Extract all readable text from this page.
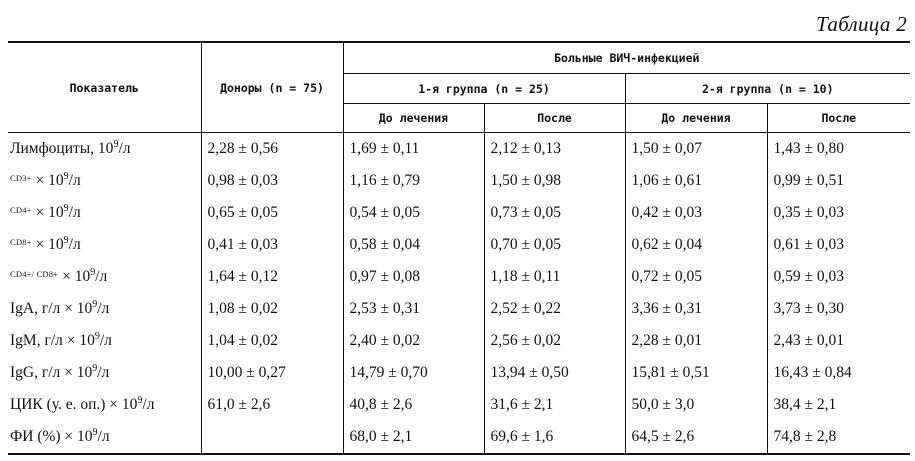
Таблица 2
Показатель	Доноры (n = 75)	Больные ВИЧ-инфекцией			
		1-я группа (n = 25)		2-я группа (n = 10)	
		До лечения	После	До лечения	После
Лимфоциты, $10^9/л$	2,28 ± 0,56	1,69 ± 0,11	2,12 ± 0,13	1,50 ± 0,07	1,43 ± 0,80
$^{CD3+} \times 10^9/л$	0,98 ± 0,03	1,16 ± 0,79	1,50 ± 0,98	1,06 ± 0,61	0,99 ± 0,51
$^{CD4+} \times 10^9/л$	0,65 ± 0,05	0,54 ± 0,05	0,73 ± 0,05	0,42 ± 0,03	0,35 ± 0,03
$^{CD8+} \times 10^9/л$	0,41 ± 0,03	0,58 ± 0,04	0,70 ± 0,05	0,62 ± 0,04	0,61 ± 0,03
$^{CD4+/ CD8+} \times 10^9/л$	1,64 ± 0,12	0,97 ± 0,08	1,18 ± 0,11	0,72 ± 0,05	0,59 ± 0,03
IgA, $г/л \times 10^9/л$	1,08 ± 0,02	2,53 ± 0,31	2,52 ± 0,22	3,36 ± 0,31	3,73 ± 0,30
IgM, $г/л \times 10^9/л$	1,04 ± 0,02	2,40 ± 0,02	2,56 ± 0,02	2,28 ± 0,01	2,43 ± 0,01
IgG, $г/л \times 10^9/л$	10,00 ± 0,27	14,79 ± 0,70	13,94 ± 0,50	15,81 ± 0,51	16,43 ± 0,84
ЦИК (у. е. $оп.) \times 10^9/л$	61,0 ± 2,6	40,8 ± 2,6	31,6 ± 2,1	50,0 ± 3,0	38,4 ± 2,1
ФИ (%) × $10^9/л$		68,0 ± 2,1	69,6 ± 1,6	64,5 ± 2,6	74,8 ± 2,8
